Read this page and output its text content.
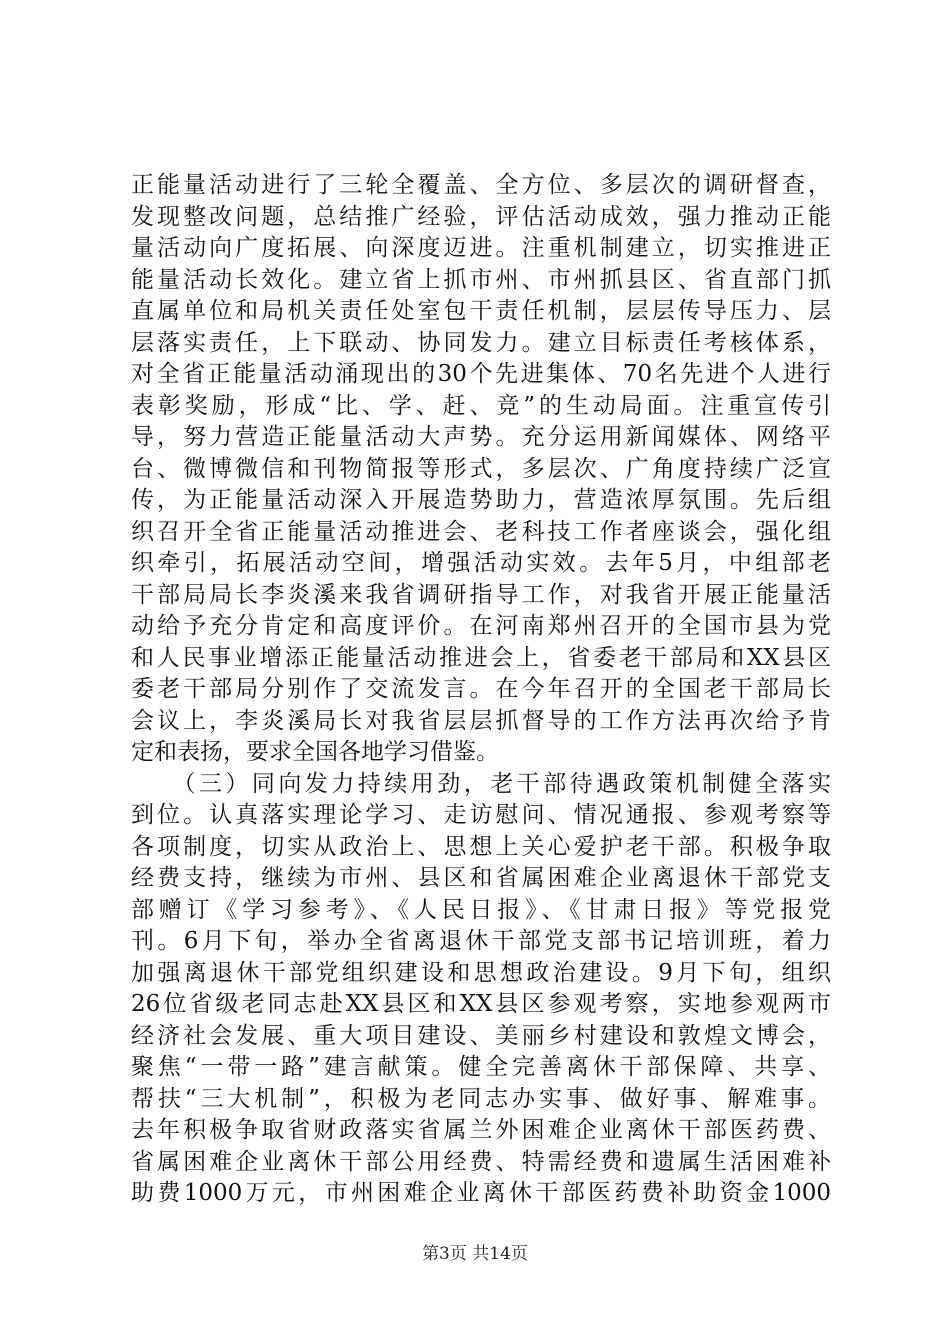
正能量活动进行了三轮全覆盖、全方位、多层次的调研督查，
发现整改问题，总结推广经验，评估活动成效，强力推动正能
量活动向广度拓展、向深度迈进。注重机制建立，切实推进正
能量活动长效化。建立省上抓市州、市州抓县区、省直部门抓
直属单位和局机关责任处室包干责任机制，层层传导压力、层
层落实责任，上下联动、协同发力。建立目标责任考核体系，
对全省正能量活动涌现出的30个先进集体、70名先进个人进行
表彰奖励，形成“比、学、赶、竞”的生动局面。注重宣传引
导，努力营造正能量活动大声势。充分运用新闻媒体、网络平
台、微博微信和刊物简报等形式，多层次、广角度持续广泛宣
传，为正能量活动深入开展造势助力，营造浓厚氛围。先后组
织召开全省正能量活动推进会、老科技工作者座谈会，强化组
织牵引，拓展活动空间，增强活动实效。去年5月，中组部老
干部局局长李炎溪来我省调研指导工作，对我省开展正能量活
动给予充分肯定和高度评价。在河南郑州召开的全国市县为党
和人民事业增添正能量活动推进会上，省委老干部局和XX县区
委老干部局分别作了交流发言。在今年召开的全国老干部局长
会议上，李炎溪局长对我省层层抓督导的工作方法再次给予肯
定和表扬，要求全国各地学习借鉴。
　　（三）同向发力持续用劲，老干部待遇政策机制健全落实
到位。认真落实理论学习、走访慰问、情况通报、参观考察等
各项制度，切实从政治上、思想上关心爱护老干部。积极争取
经费支持，继续为市州、县区和省属困难企业离退休干部党支
部赠订《学习参考》、《人民日报》、《甘肃日报》等党报党
刊。6月下旬，举办全省离退休干部党支部书记培训班，着力
加强离退休干部党组织建设和思想政治建设。9月下旬，组织
26位省级老同志赴XX县区和XX县区参观考察，实地参观两市
经济社会发展、重大项目建设、美丽乡村建设和敦煌文博会，
聚焦“一带一路”建言献策。健全完善离休干部保障、共享、
帮扶“三大机制”，积极为老同志办实事、做好事、解难事。
去年积极争取省财政落实省属兰外困难企业离休干部医药费、
省属困难企业离休干部公用经费、特需经费和遗属生活困难补
助费1000万元，市州困难企业离休干部医药费补助资金1000
第3页 共14页
